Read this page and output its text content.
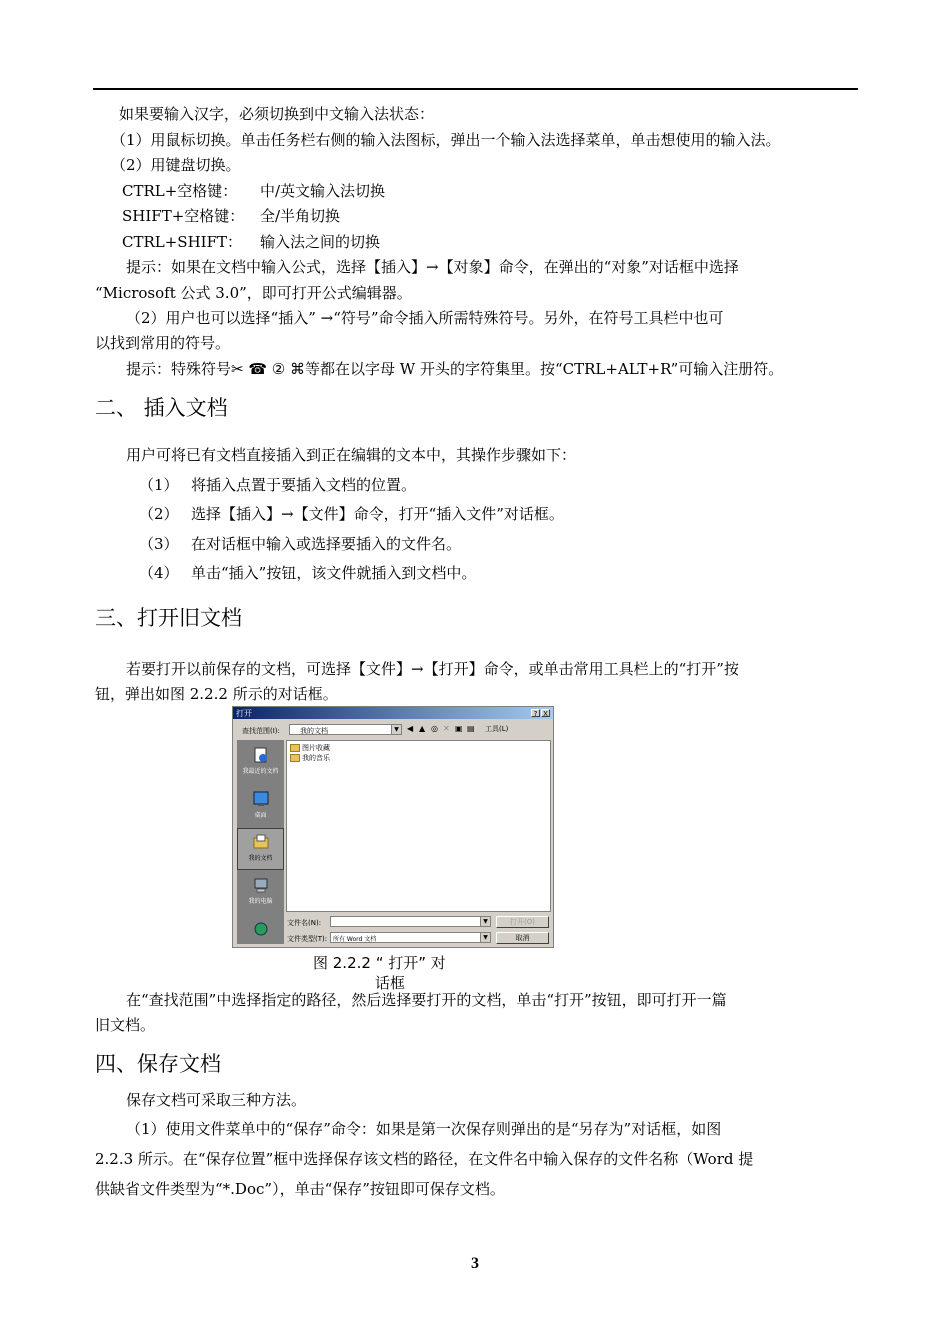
如果要输入汉字，必须切换到中文输入法状态：
（1）用鼠标切换。单击任务栏右侧的输入法图标，弹出一个输入法选择菜单，单击想使用的输入法。
（2）用键盘切换。
CTRL+空格键： 中/英文输入法切换
SHIFT+空格键： 全/半角切换
CTRL+SHIFT： 输入法之间的切换
提示：如果在文档中输入公式，选择【插入】→【对象】命令，在弹出的“对象”对话框中选择
“Microsoft 公式 3.0”，即可打开公式编辑器。
（2）用户也可以选择“插入” →“符号”命令插入所需特殊符号。另外，在符号工具栏中也可
以找到常用的符号。
提示：特殊符号✂ ☎ ② ⌘等都在以字母 W 开头的字符集里。按“CTRL+ALT+R”可输入注册符。
二、 插入文档
用户可将已有文档直接插入到正在编辑的文本中，其操作步骤如下：
（1） 将插入点置于要插入文档的位置。
（2） 选择【插入】→【文件】命令，打开“插入文件”对话框。
（3） 在对话框中输入或选择要插入的文件名。
（4） 单击“插入”按钮，该文件就插入到文档中。
三、打开旧文档
若要打开以前保存的文档，可选择【文件】→【打开】命令，或单击常用工具栏上的“打开”按
钮，弹出如图 2.2.2 所示的对话框。
打开	? X
查找范围(I):	我的文档	▼ ◀ ▲ ◎ ✕ ▣ ▤ 工具(L)
我最近的文档
桌面
我的文档
我的电脑
图片收藏
我的音乐
文件名(N):	▼
文件类型(T): 所有 Word 文档	▼
打开(O)
取消
图 2.2.2 “ 打开” 对
话框
在“查找范围”中选择指定的路径，然后选择要打开的文档，单击“打开”按钮，即可打开一篇
旧文档。
四、保存文档
保存文档可采取三种方法。
（1）使用文件菜单中的“保存”命令：如果是第一次保存则弹出的是“另存为”对话框，如图
2.2.3 所示。在“保存位置”框中选择保存该文档的路径，在文件名中输入保存的文件名称（Word 提
供缺省文件类型为“*.Doc”），单击“保存”按钮即可保存文档。
3
